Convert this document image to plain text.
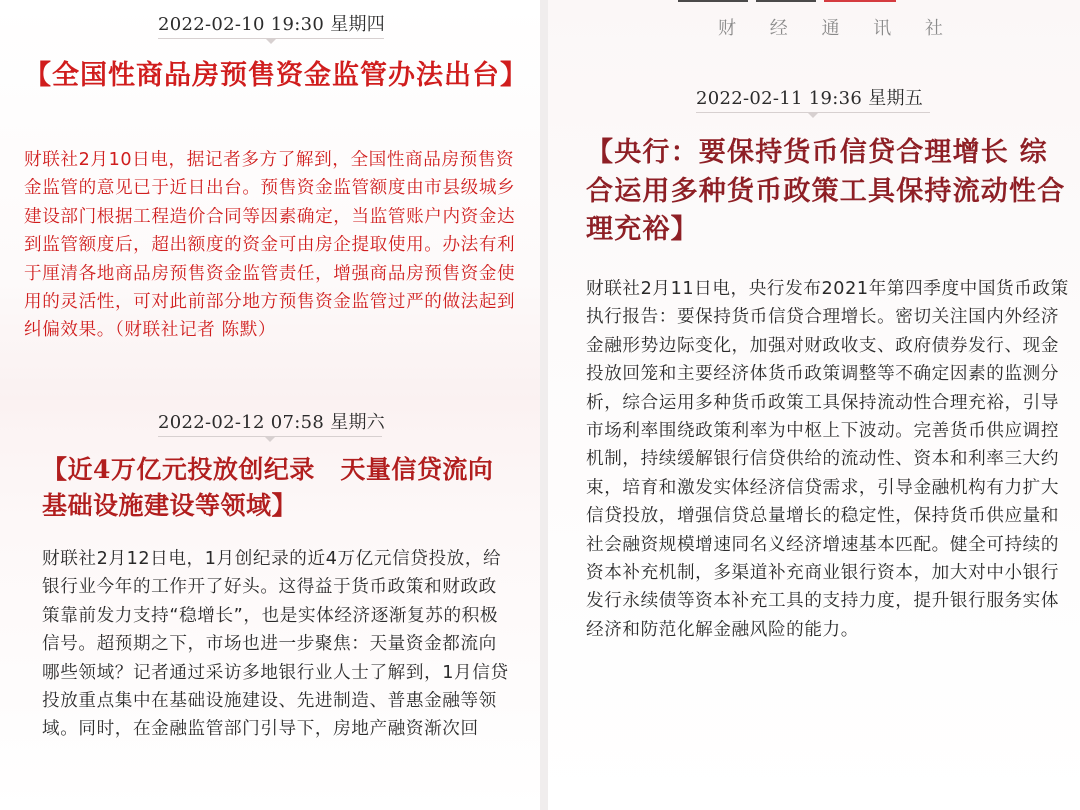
2022-02-10 19:30 星期四
【全国性商品房预售资金监管办法出台】
财联社2月10日电，据记者多方了解到，全国性商品房预售资金监管的意见已于近日出台。预售资金监管额度由市县级城乡建设部门根据工程造价合同等因素确定，当监管账户内资金达到监管额度后，超出额度的资金可由房企提取使用。办法有利于厘清各地商品房预售资金监管责任，增强商品房预售资金使用的灵活性，可对此前部分地方预售资金监管过严的做法起到纠偏效果。（财联社记者 陈默）
2022-02-12 07:58 星期六
【近4万亿元投放创纪录　天量信贷流向基础设施建设等领域】
财联社2月12日电，1月创纪录的近4万亿元信贷投放，给银行业今年的工作开了好头。这得益于货币政策和财政政策靠前发力支持“稳增长”，也是实体经济逐渐复苏的积极信号。超预期之下，市场也进一步聚焦：天量资金都流向哪些领域？记者通过采访多地银行业人士了解到，1月信贷投放重点集中在基础设施建设、先进制造、普惠金融等领域。同时，在金融监管部门引导下，房地产融资渐次回
财 经 通 讯 社
2022-02-11 19:36 星期五
【央行：要保持货币信贷合理增长 综合运用多种货币政策工具保持流动性合理充裕】
财联社2月11日电，央行发布2021年第四季度中国货币政策执行报告：要保持货币信贷合理增长。密切关注国内外经济金融形势边际变化，加强对财政收支、政府债券发行、现金投放回笼和主要经济体货币政策调整等不确定因素的监测分析，综合运用多种货币政策工具保持流动性合理充裕，引导市场利率围绕政策利率为中枢上下波动。完善货币供应调控机制，持续缓解银行信贷供给的流动性、资本和利率三大约束，培育和激发实体经济信贷需求，引导金融机构有力扩大信贷投放，增强信贷总量增长的稳定性，保持货币供应量和社会融资规模增速同名义经济增速基本匹配。健全可持续的资本补充机制，多渠道补充商业银行资本，加大对中小银行发行永续债等资本补充工具的支持力度，提升银行服务实体经济和防范化解金融风险的能力。
